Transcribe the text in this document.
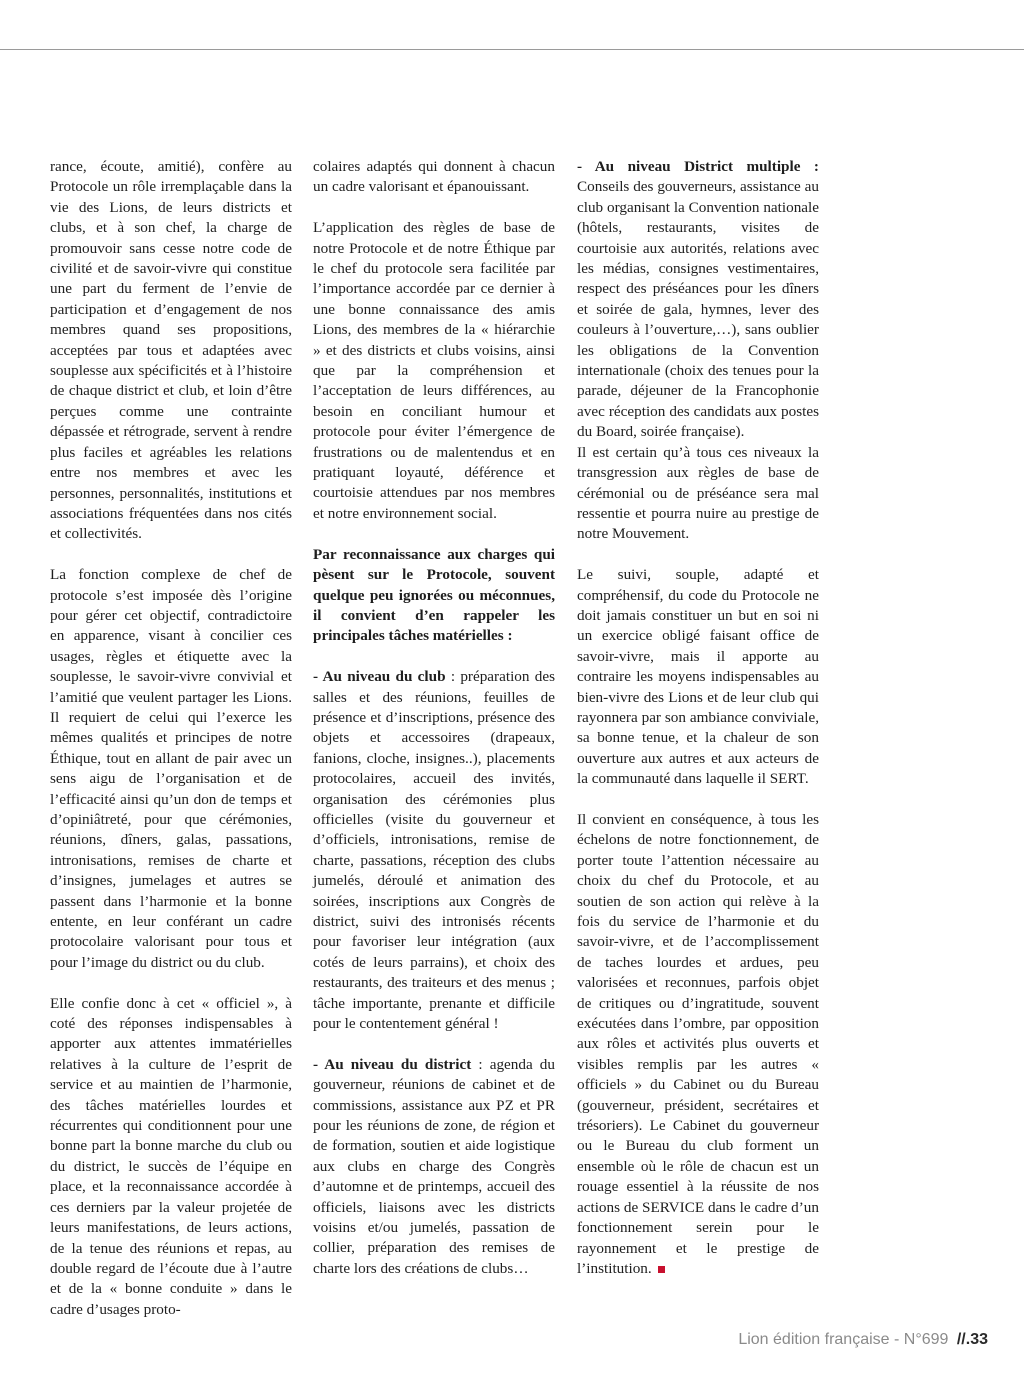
rance, écoute, amitié), confère au Protocole un rôle irremplaçable dans la vie des Lions, de leurs districts et clubs, et à son chef, la charge de promouvoir sans cesse notre code de civilité et de savoir-vivre qui constitue une part du ferment de l’envie de participation et d’engagement de nos membres quand ses propositions, acceptées par tous et adaptées avec souplesse aux spécificités et à l’histoire de chaque district et club, et loin d’être perçues comme une contrainte dépassée et rétrograde, servent à rendre plus faciles et agréables les relations entre nos membres et avec les personnes, personnalités, institutions et associations fréquentées dans nos cités et collectivités.

La fonction complexe de chef de protocole s’est imposée dès l’origine pour gérer cet objectif, contradictoire en apparence, visant à concilier ces usages, règles et étiquette avec la souplesse, le savoir-vivre convivial et l’amitié que veulent partager les Lions. Il requiert de celui qui l’exerce les mêmes qualités et principes de notre Éthique, tout en allant de pair avec un sens aigu de l’organisation et de l’efficacité ainsi qu’un don de temps et d’opiniâtreté, pour que cérémonies, réunions, dîners, galas, passations, intronisations, remises de charte et d’insignes, jumelages et autres se passent dans l’harmonie et la bonne entente, en leur conférant un cadre protocolaire valorisant pour tous et pour l’image du district ou du club.

Elle confie donc à cet « officiel », à coté des réponses indispensables à apporter aux attentes immatérielles relatives à la culture de l’esprit de service et au maintien de l’harmonie, des tâches matérielles lourdes et récurrentes qui conditionnent pour une bonne part la bonne marche du club ou du district, le succès de l’équipe en place, et la reconnaissance accordée à ces derniers par la valeur projetée de leurs manifestations, de leurs actions, de la tenue des réunions et repas, au double regard de l’écoute due à l’autre et de la « bonne conduite » dans le cadre d’usages proto-

colaires adaptés qui donnent à chacun un cadre valorisant et épanouissant.

L’application des règles de base de notre Protocole et de notre Éthique par le chef du protocole sera facilitée par l’importance accordée par ce dernier à une bonne connaissance des amis Lions, des membres de la « hiérarchie » et des districts et clubs voisins, ainsi que par la compréhension et l’acceptation de leurs différences, au besoin en conciliant humour et protocole pour éviter l’émergence de frustrations ou de malentendus et en pratiquant loyauté, déférence et courtoisie attendues par nos membres et notre environnement social.

Par reconnaissance aux charges qui pèsent sur le Protocole, souvent quelque peu ignorées ou méconnues, il convient d’en rappeler les principales tâches matérielles :

- Au niveau du club : préparation des salles et des réunions, feuilles de présence et d’inscriptions, présence des objets et accessoires (drapeaux, fanions, cloche, insignes..), placements protocolaires, accueil des invités, organisation des cérémonies plus officielles (visite du gouverneur et d’officiels, intronisations, remise de charte, passations, réception des clubs jumelés, déroulé et animation des soirées, inscriptions aux Congrès de district, suivi des intronisés récents pour favoriser leur intégration (aux cotés de leurs parrains), et choix des restaurants, des traiteurs et des menus ; tâche importante, prenante et difficile pour le contentement général !

- Au niveau du district : agenda du gouverneur, réunions de cabinet et de commissions, assistance aux PZ et PR pour les réunions de zone, de région et de formation, soutien et aide logistique aux clubs en charge des Congrès d’automne et de printemps, accueil des officiels, liaisons avec les districts voisins et/ou jumelés, passation de collier, préparation des remises de charte lors des créations de clubs…

- Au niveau District multiple : Conseils des gouverneurs, assistance au club organisant la Convention nationale (hôtels, restaurants, visites de courtoisie aux autorités, relations avec les médias, consignes vestimentaires, respect des préséances pour les dîners et soirée de gala, hymnes, lever des couleurs à l’ouverture,…), sans oublier les obligations de la Convention internationale (choix des tenues pour la parade, déjeuner de la Francophonie avec réception des candidats aux postes du Board, soirée française).

Il est certain qu’à tous ces niveaux la transgression aux règles de base de cérémonial ou de préséance sera mal ressentie et pourra nuire au prestige de notre Mouvement.

Le suivi, souple, adapté et compréhensif, du code du Protocole ne doit jamais constituer un but en soi ni un exercice obligé faisant office de savoir-vivre, mais il apporte au contraire les moyens indispensables au bien-vivre des Lions et de leur club qui rayonnera par son ambiance conviviale, sa bonne tenue, et la chaleur de son ouverture aux autres et aux acteurs de la communauté dans laquelle il SERT.

Il convient en conséquence, à tous les échelons de notre fonctionnement, de porter toute l’attention nécessaire au choix du chef du Protocole, et au soutien de son action qui relève à la fois du service de l’harmonie et du savoir-vivre, et de l’accomplissement de taches lourdes et ardues, peu valorisées et reconnues, parfois objet de critiques ou d’ingratitude, souvent exécutées dans l’ombre, par opposition aux rôles et activités plus ouverts et visibles remplis par les autres « officiels » du Cabinet ou du Bureau (gouverneur, président, secrétaires et trésoriers). Le Cabinet du gouverneur ou le Bureau du club forment un ensemble où le rôle de chacun est un rouage essentiel à la réussite de nos actions de SERVICE dans le cadre d’un fonctionnement serein pour le rayonnement et le prestige de l’institution.

Lion édition française - N°699 //.33
